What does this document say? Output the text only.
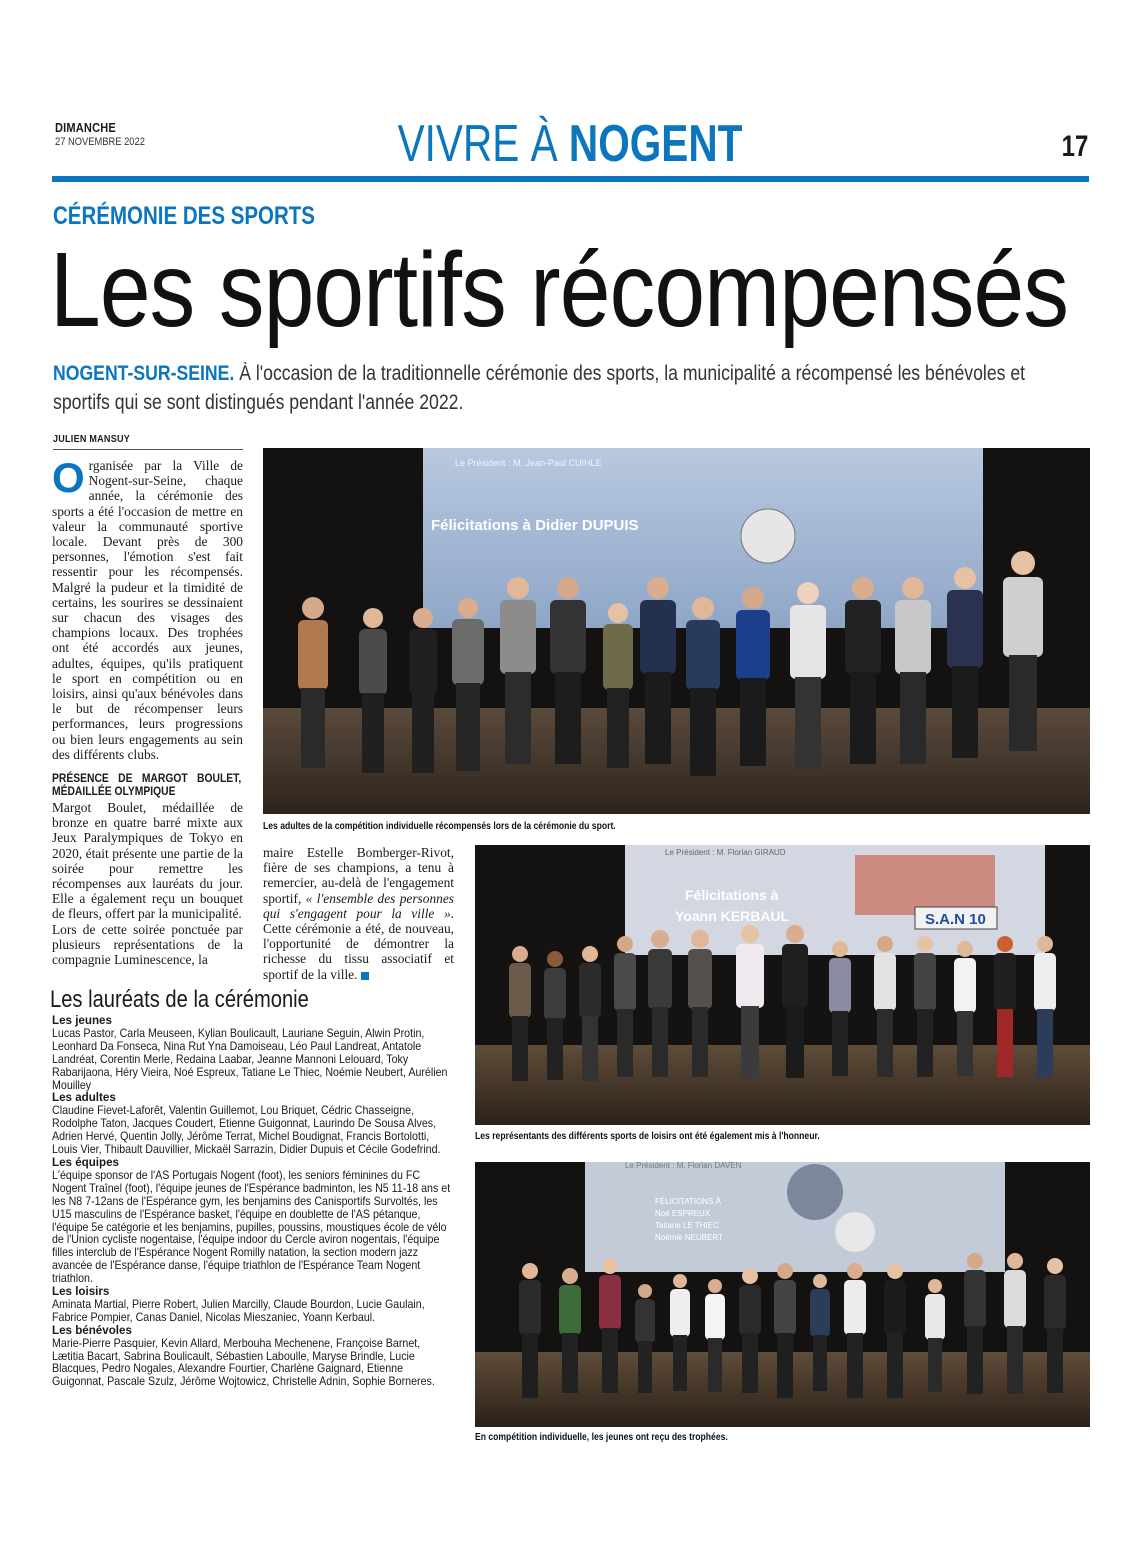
DIMANCHE
27 NOVEMBRE 2022	VIVRE À NOGENT	17
CÉRÉMONIE DES SPORTS
Les sportifs récompensés
NOGENT-SUR-SEINE. À l'occasion de la traditionnelle cérémonie des sports, la municipalité a récompensé les bénévoles et sportifs qui se sont distingués pendant l'année 2022.
JULIEN MANSUY
O rganisée par la Ville de Nogent-sur-Seine, chaque année, la cérémonie des sports a été l'occasion de mettre en valeur la communauté sportive locale. Devant près de 300 personnes, l'émotion s'est fait ressentir pour les récompensés. Malgré la pudeur et la timidité de certains, les sourires se dessinaient sur chacun des visages des champions locaux. Des trophées ont été accordés aux jeunes, adultes, équipes, qu'ils pratiquent le sport en compétition ou en loisirs, ainsi qu'aux bénévoles dans le but de récompenser leurs performances, leurs progressions ou bien leurs engagements au sein des différents clubs.

PRÉSENCE DE MARGOT BOULET, MÉDAILLÉE OLYMPIQUE

Margot Boulet, médaillée de bronze en quatre barré mixte aux Jeux Paralympiques de Tokyo en 2020, était présente une partie de la soirée pour remettre les récompenses aux lauréats du jour. Elle a également reçu un bouquet de fleurs, offert par la municipalité.

Lors de cette soirée ponctuée par plusieurs représentations de la compagnie Luminescence, la

maire Estelle Bomberger-Rivot, fière de ses champions, a tenu à remercier, au-delà de l'engagement sportif, « l'ensemble des personnes qui s'engagent pour la ville ». Cette cérémonie a été, de nouveau, l'opportunité de démontrer la richesse du tissu associatif et sportif de la ville.

Le Président : M. Jean-Paul CUIHLE
Félicitations à Didier DUPUIS
Les adultes de la compétition individuelle récompensés lors de la cérémonie du sport.
Le Président : M. Florian GIRAUD
Félicitations à
Yoann KERBAUL	S.A.N 10
Les représentants des différents sports de loisirs ont été également mis à l'honneur.
Le Président : M. Florian DAVEN
FÉLICITATIONS À
Noé ESPREUX
Tatiane LE THIEC
Noémie NEUBERT
En compétition individuelle, les jeunes ont reçu des trophées.
Les lauréats de la cérémonie
Les jeunes
Lucas Pastor, Carla Meuseen, Kylian Boulicault, Lauriane Seguin, Alwin Protin, Leonhard Da Fonseca, Nina Rut Yna Damoiseau, Léo Paul Landreat, Antatole Landréat, Corentin Merle, Redaina Laabar, Jeanne Mannoni Lelouard, Toky Rabarijaona, Héry Vieira, Noé Espreux, Tatiane Le Thiec, Noémie Neubert, Aurélien Mouilley
Les adultes
Claudine Fievet-Laforêt, Valentin Guillemot, Lou Briquet, Cédric Chasseigne, Rodolphe Taton, Jacques Coudert, Etienne Guigonnat, Laurindo De Sousa Alves, Adrien Hervé, Quentin Jolly, Jérôme Terrat, Michel Boudignat, Francis Bortolotti, Louis Vier, Thibault Dauvillier, Mickaël Sarrazin, Didier Dupuis et Cécile Godefrind.
Les équipes
L'équipe sponsor de l'AS Portugais Nogent (foot), les seniors féminines du FC Nogent Traînel (foot), l'équipe jeunes de l'Espérance badminton, les N5 11-18 ans et les N8 7-12ans de l'Espérance gym, les benjamins des Canisportifs Survoltés, les U15 masculins de l'Espérance basket, l'équipe en doublette de l'AS pétanque, l'équipe 5e catégorie et les benjamins, pupilles, poussins, moustiques école de vélo de l'Union cycliste nogentaise, l'équipe indoor du Cercle aviron nogentais, l'équipe filles interclub de l'Espérance Nogent Romilly natation, la section modern jazz avancée de l'Espérance danse, l'équipe triathlon de l'Espérance Team Nogent triathlon.
Les loisirs
Aminata Martial, Pierre Robert, Julien Marcilly, Claude Bourdon, Lucie Gaulain, Fabrice Pompier, Canas Daniel, Nicolas Mieszaniec, Yoann Kerbaul.
Les bénévoles
Marie-Pierre Pasquier, Kevin Allard, Merbouha Mechenene, Françoise Barnet, Lætitia Bacart, Sabrina Boulicault, Sébastien Laboulle, Maryse Brindle, Lucie Blacques, Pedro Nogales, Alexandre Fourtier, Charlène Gaignard, Etienne Guigonnat, Pascale Szulz, Jérôme Wojtowicz, Christelle Adnin, Sophie Borneres.
